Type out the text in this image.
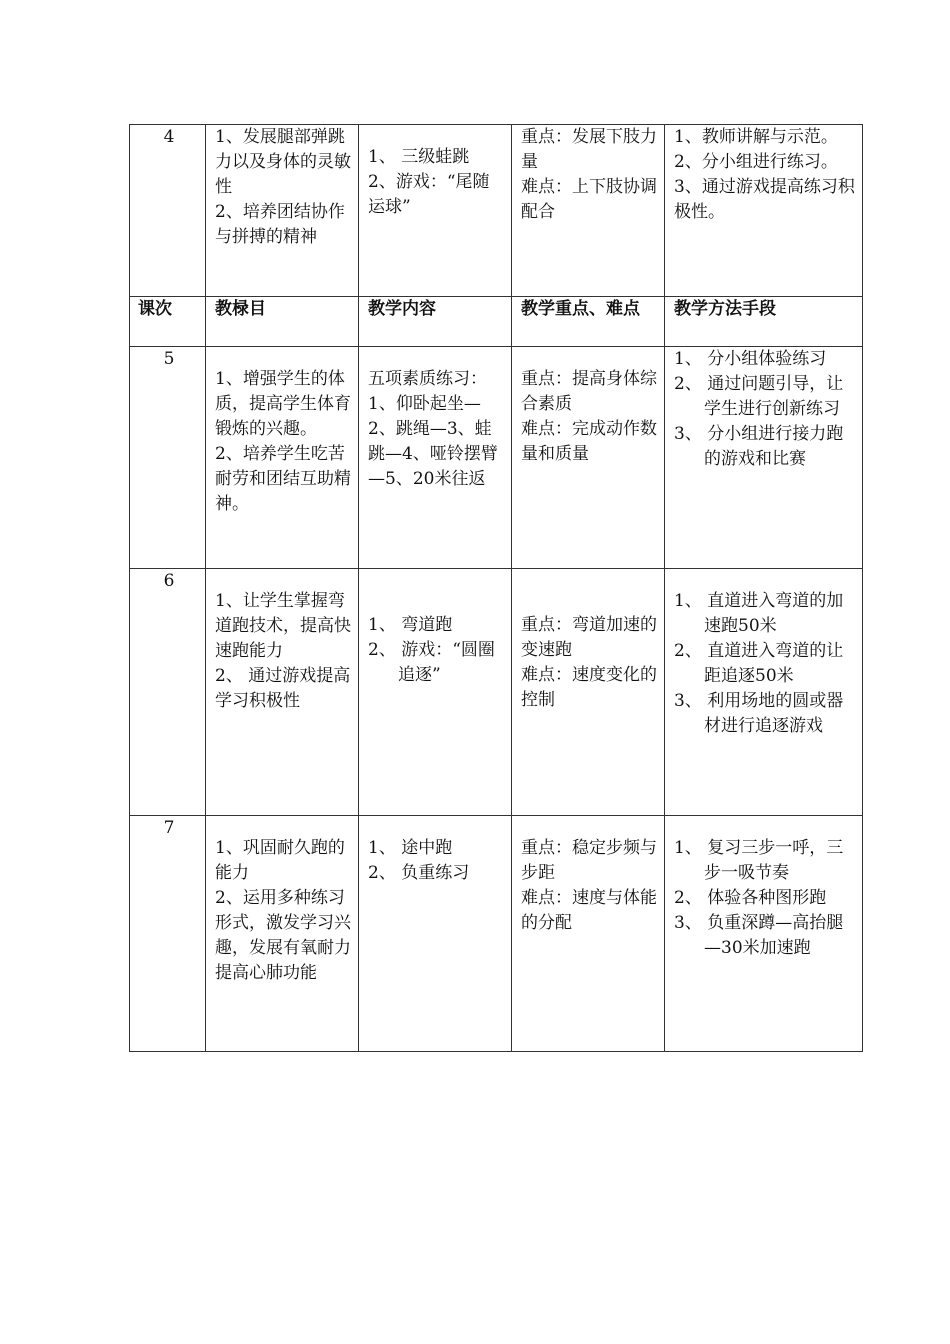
4	1、发展腿部弹跳力以及身体的灵敏性
2、培养团结协作与拼搏的精神	1、 三级蛙跳
2、游戏：“尾随运球”	重点：发展下肢力量
难点：上下肢协调配合	1、教师讲解与示范。
2、分小组进行练习。
3、通过游戏提高练习积极性。

课次	教椂目	教学内容	教学重点、难点	教学方法手段
5	1、增强学生的体质，提高学生体育锻炼的兴趣。
2、培养学生吃苦耐劳和团结互助精神。	五项素质练习：
1、仰卧起坐—2、跳绳—3、蛙跳—4、哑铃摆臂—5、20米往返	重点：提高身体综合素质
难点：完成动作数量和质量	1、 分小组体验练习
2、 通过问题引导，让学生进行创新练习
3、 分小组进行接力跑的游戏和比赛

6	1、让学生掌握弯道跑技术，提高快速跑能力
2、 通过游戏提高学习积极性	1、 弯道跑
2、 游戏：“圆圈追逐”	重点：弯道加速的变速跑
难点：速度变化的控制	1、 直道进入弯道的加速跑50米
2、 直道进入弯道的让距追逐50米
3、 利用场地的圆或器材进行追逐游戏

7	1、巩固耐久跑的能力
2、运用多种练习形式，激发学习兴趣，发展有氧耐力提高心肺功能	1、 途中跑
2、 负重练习	重点：稳定步频与步距
难点：速度与体能的分配	1、 复习三步一呼，三步一吸节奏
2、 体验各种图形跑
3、 负重深蹲—高抬腿—30米加速跑
